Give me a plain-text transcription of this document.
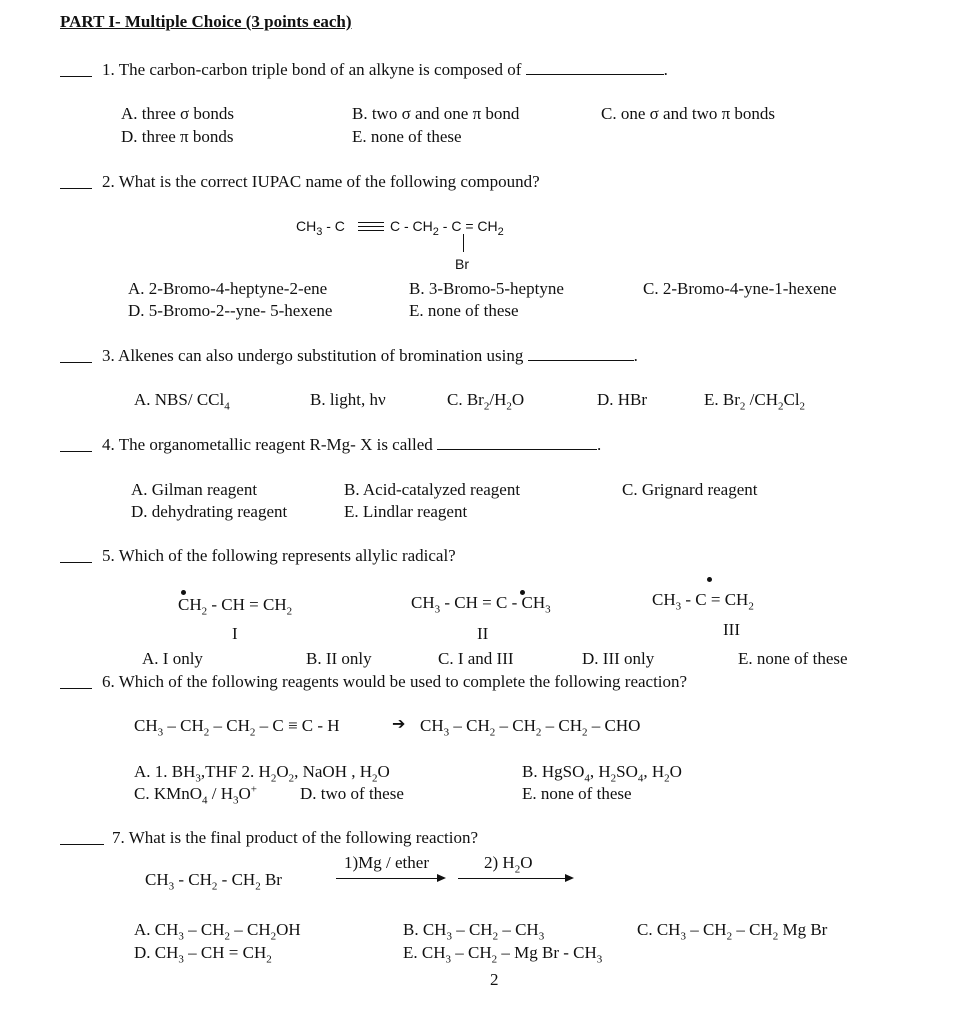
PART I- Multiple Choice (3 points each)
1. The carbon-carbon triple bond of an alkyne is composed of	.
A. three σ bonds	B. two σ and one π bond	C. one σ and two π bonds
D. three π bonds	E. none of these
2. What is the correct IUPAC name of the following compound?
$CH_3$ - C	$C - CH_2 - C = CH_2$
Br
A. 2-Bromo-4-heptyne-2-ene	B. 3-Bromo-5-heptyne	C. 2-Bromo-4-yne-1-hexene
D. 5-Bromo-2--yne- 5-hexene	E. none of these
3. Alkenes can also undergo substitution of bromination using	.
A. NBS/ CCl$_4$	B. light, hν	C. $Br_2/H_2O$	D. HBr	E. $Br_2$ $/CH_2Cl_2$
4. The organometallic reagent R-Mg- X is called	.
A. Gilman reagent	B. Acid-catalyzed reagent	C. Grignard reagent
D. dehydrating reagent	E. Lindlar reagent
5. Which of the following represents allylic radical?
$CH_2$ - CH = $CH_2$
I
$CH_3$ - CH = C - $CH_3$
II
$CH_3 - C = CH_2$
III
A. I only	B. II only	C. I and III	D. III only	E. none of these
6. Which of the following reagents would be used to complete the following reaction?
$CH_3 - CH_2 - CH_2 - C \equiv C - H$	➔ $CH_3 - CH_2 - CH_2 - CH_2$ – CHO
A. 1. $BH_3,THF$ 2. $H_2O_2$, NaOH , $H_2O$	B. HgSO$_4$, $H_2SO_4$, $H_2O$
C. KMnO$_4$ / $H_3O^+$	D. two of these	E. none of these
7. What is the final product of the following reaction?
$CH_3 - CH_2 - CH_2$ Br
1)Mg / ether	2) $H_2O$
A. $CH_3 - CH_2 - CH_2OH$	B. $CH_3 - CH_2 - CH_3$	C. $CH_3 - CH_2 - CH_2$ Mg Br
D. $CH_3$ – CH = $CH_2$	E. $CH_3 - CH_2$ – Mg Br - $CH_3$
2
